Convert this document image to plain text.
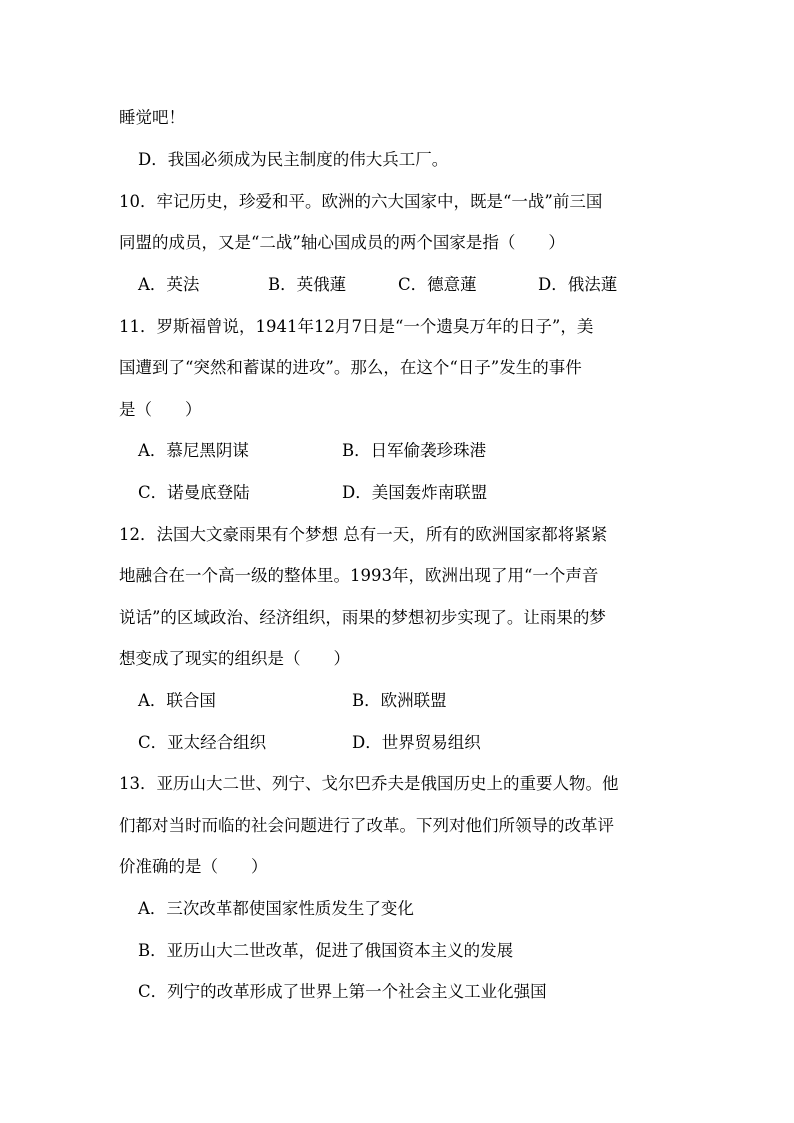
睡觉吧！
D．我国必须成为民主制度的伟大兵工厂。
10．牢记历史，珍爱和平。欧洲的六大国家中，既是“一战”前三国
同盟的成员，又是“二战”轴心国成员的两个国家是指（　　）
A．英法	B．英俄蓮	C．德意蓮	D．俄法蓮
11．罗斯福曾说，1941年12月7日是“一个遗臭万年的日子”，美
国遭到了“突然和蓄谋的进攻”。那么，在这个“日子”发生的事件
是（　　）
A．慕尼黑阴谋	B．日军偷袭珍珠港
C．诺曼底登陆	D．美国轰炸南联盟
12．法国大文豪雨果有个梦想 总有一天，所有的欧洲国家都将紧紧
地融合在一个高一级的整体里。1993年，欧洲出现了用“一个声音
说话”的区域政治、经济组织，雨果的梦想初步实现了。让雨果的梦
想变成了现实的组织是（　　）
A．联合国	B．欧洲联盟
C．亚太经合组织	D．世界贸易组织
13．亚历山大二世、列宁、戈尔巴乔夫是俄国历史上的重要人物。他
们都对当时而临的社会问题进行了改革。下列对他们所领导的改革评
价准确的是（　　）
A．三次改革都使国家性质发生了变化
B．亚历山大二世改革，促进了俄国资本主义的发展
C．列宁的改革形成了世界上第一个社会主义工业化强国
